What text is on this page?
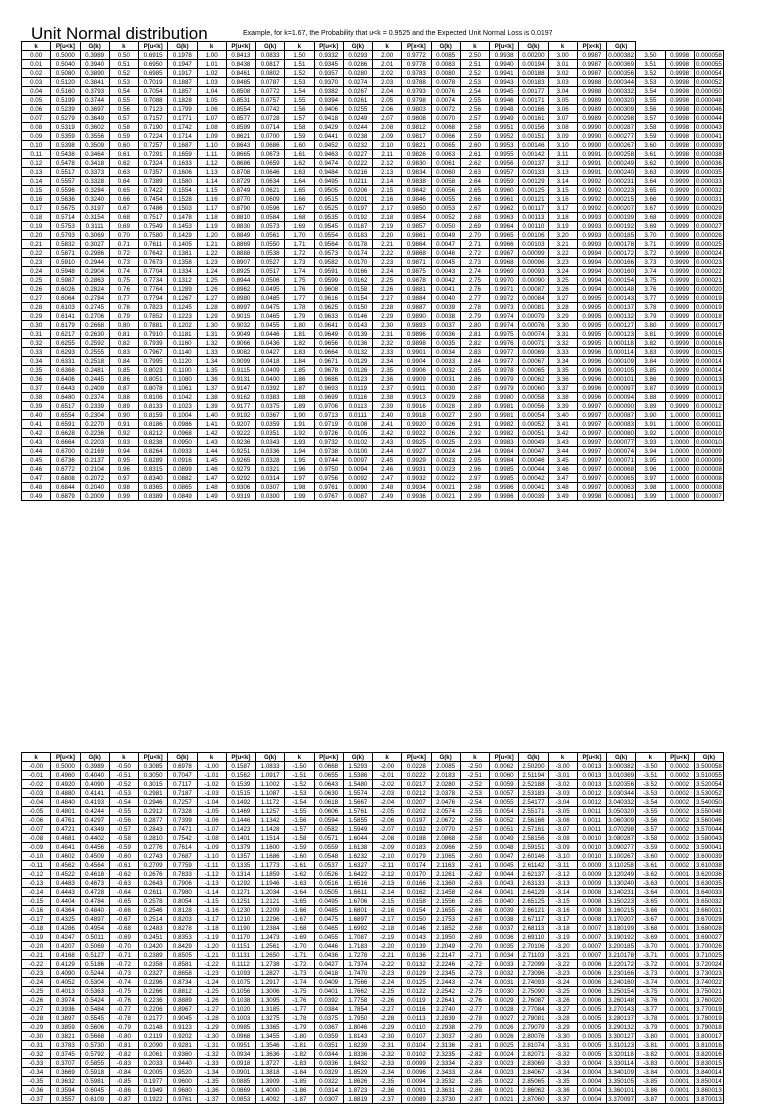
Unit Normal distribution	Example, for k=1.67, the Probability that u<k = 0.9525 and the Expected Unit Normal Loss is 0.0197
k	P[u<k]	G(k)	k	P[u<k]	G(k)	k	P[u<k]	G(k)	k	P[u<k]	G(k)	k	P[x<k]	G(k)	k	P[u<k]	G(k)	k	P[x<k]	G(k)			
0.00	0.5000	0.3989	0.50	0.6915	0.1978	1.00	0.8413	0.0833	1.50	0.9332	0.0293	2.00	0.9772	0.0085	2.50	0.9938	0.00200	3.00	0.9987	0.000382	3.50	0.9998	0.000058
0.01	0.5040	0.3940	0.51	0.6950	0.1947	1.01	0.8438	0.0817	1.51	0.9345	0.0286	2.01	0.9778	0.0083	2.51	0.9940	0.00194	3.01	0.9987	0.000369	3.51	0.9998	0.000055
0.02	0.5080	0.3890	0.52	0.6985	0.1917	1.02	0.8461	0.0802	1.52	0.9357	0.0280	2.02	0.9783	0.0080	2.52	0.9941	0.00188	3.02	0.9987	0.000356	3.52	0.9998	0.000054
0.03	0.5120	0.3841	0.53	0.7019	0.1887	1.03	0.8485	0.0787	1.53	0.9370	0.0274	2.03	0.9788	0.0078	2.53	0.9943	0.00183	3.03	0.9988	0.000344	3.53	0.9998	0.000052
0.04	0.5160	0.3793	0.54	0.7054	0.1857	1.04	0.8508	0.0772	1.54	0.9382	0.0267	2.04	0.9793	0.0076	2.54	0.9945	0.00177	3.04	0.9988	0.000332	3.54	0.9998	0.000050
0.05	0.5199	0.3744	0.55	0.7088	0.1828	1.05	0.8531	0.0757	1.55	0.9394	0.0261	2.05	0.9798	0.0074	2.55	0.9946	0.00171	3.05	0.9989	0.000320	3.55	0.9998	0.000048
0.06	0.5239	0.3697	0.56	0.7123	0.1799	1.06	0.8554	0.0742	1.56	0.9406	0.0255	2.06	0.9803	0.0072	2.56	0.9948	0.00166	3.06	0.9989	0.000309	3.56	0.9998	0.000046
0.07	0.5279	0.3649	0.57	0.7157	0.1771	1.07	0.8577	0.0728	1.57	0.9418	0.0249	2.07	0.9808	0.0070	2.57	0.9949	0.00161	3.07	0.9989	0.000298	3.57	0.9998	0.000044
0.08	0.5319	0.3602	0.58	0.7190	0.1742	1.08	0.8599	0.0714	1.58	0.9429	0.0244	2.08	0.9812	0.0068	2.58	0.9951	0.00156	3.08	0.9990	0.000287	3.58	0.9998	0.000043
0.09	0.5359	0.3556	0.59	0.7224	0.1714	1.09	0.8621	0.0700	1.59	0.9441	0.0238	2.09	0.9817	0.0066	2.59	0.9952	0.00151	3.09	0.9990	0.000277	3.59	0.9998	0.000041
0.10	0.5398	0.3509	0.60	0.7257	0.1687	1.10	0.8643	0.0686	1.60	0.9452	0.0232	2.10	0.9821	0.0065	2.60	0.9953	0.00146	3.10	0.9990	0.000267	3.60	0.9998	0.000039
0.11	0.5438	0.3464	0.61	0.7291	0.1659	1.11	0.8665	0.0673	1.61	0.9463	0.0227	2.11	0.9826	0.0063	2.61	0.9955	0.00142	3.11	0.9991	0.000258	3.61	0.9998	0.000038
0.12	0.5478	0.3418	0.62	0.7324	0.1633	1.12	0.8686	0.0659	1.62	0.9474	0.0222	2.12	0.9830	0.0061	2.62	0.9956	0.00137	3.12	0.9991	0.000249	3.62	0.9999	0.000036
0.13	0.5517	0.3373	0.63	0.7357	0.1606	1.13	0.8708	0.0646	1.63	0.9484	0.0216	2.13	0.9834	0.0060	2.63	0.9957	0.00133	3.13	0.9991	0.000240	3.63	0.9999	0.000035
0.14	0.5557	0.3328	0.64	0.7389	0.1580	1.14	0.8729	0.0634	1.64	0.9495	0.0211	2.14	0.9838	0.0058	2.64	0.9959	0.00129	3.14	0.9992	0.000231	3.64	0.9999	0.000033
0.15	0.5596	0.3284	0.65	0.7422	0.1554	1.15	0.8749	0.0621	1.65	0.9505	0.0206	2.15	0.9842	0.0056	2.65	0.9960	0.00125	3.15	0.9992	0.000223	3.65	0.9999	0.000032
0.16	0.5636	0.3240	0.66	0.7454	0.1528	1.16	0.8770	0.0609	1.66	0.9515	0.0201	2.16	0.9846	0.0055	2.66	0.9961	0.00121	3.16	0.9992	0.000215	3.66	0.9999	0.000031
0.17	0.5675	0.3197	0.67	0.7486	0.1503	1.17	0.8790	0.0596	1.67	0.9525	0.0197	2.17	0.9850	0.0053	2.67	0.9962	0.00117	3.17	0.9992	0.000207	3.67	0.9999	0.000029
0.18	0.5714	0.3154	0.68	0.7517	0.1478	1.18	0.8810	0.0584	1.68	0.9535	0.0192	2.18	0.9854	0.0052	2.68	0.9963	0.00113	3.18	0.9993	0.000199	3.68	0.9999	0.000028
0.19	0.5753	0.3111	0.69	0.7549	0.1453	1.19	0.8830	0.0573	1.69	0.9545	0.0187	2.19	0.9857	0.0050	2.69	0.9964	0.00110	3.19	0.9993	0.000192	3.69	0.9999	0.000027
0.20	0.5793	0.3069	0.70	0.7580	0.1429	1.20	0.8849	0.0561	1.70	0.9554	0.0183	2.20	0.9861	0.0049	2.70	0.9965	0.00106	3.20	0.9993	0.000185	3.70	0.9999	0.000026
0.21	0.5832	0.3027	0.71	0.7611	0.1405	1.21	0.8869	0.0550	1.71	0.9564	0.0178	2.21	0.9864	0.0047	2.71	0.9966	0.00103	3.21	0.9993	0.000178	3.71	0.9999	0.000025
0.22	0.5871	0.2986	0.72	0.7642	0.1381	1.22	0.8888	0.0538	1.72	0.9573	0.0174	2.22	0.9868	0.0046	2.72	0.9967	0.00099	3.22	0.9994	0.000172	3.72	0.9999	0.000024
0.23	0.5910	0.2944	0.73	0.7673	0.1358	1.23	0.8907	0.0527	1.73	0.9582	0.0170	2.23	0.9871	0.0045	2.73	0.9968	0.00096	3.23	0.9994	0.000166	3.73	0.9999	0.000023
0.24	0.5948	0.2904	0.74	0.7704	0.1334	1.24	0.8925	0.0517	1.74	0.9591	0.0166	2.24	0.9875	0.0043	2.74	0.9969	0.00093	3.24	0.9994	0.000160	3.74	0.9999	0.000022
0.25	0.5987	0.2863	0.75	0.7734	0.1312	1.25	0.8944	0.0506	1.75	0.9599	0.0162	2.25	0.9878	0.0042	2.75	0.9970	0.00090	3.25	0.9994	0.000154	3.75	0.9999	0.000021
0.26	0.6026	0.2824	0.76	0.7764	0.1289	1.26	0.8962	0.0495	1.76	0.9608	0.0158	2.26	0.9881	0.0041	2.76	0.9971	0.00087	3.26	0.9994	0.000148	3.76	0.9999	0.000020
0.27	0.6064	0.2784	0.77	0.7794	0.1267	1.27	0.8980	0.0485	1.77	0.9616	0.0154	2.27	0.9884	0.0040	2.77	0.9972	0.00084	3.27	0.9995	0.000143	3.77	0.9999	0.000019
0.28	0.6103	0.2745	0.78	0.7823	0.1245	1.28	0.8997	0.0475	1.78	0.9625	0.0150	2.28	0.9887	0.0039	2.78	0.9973	0.00081	3.28	0.9995	0.000137	3.78	0.9999	0.000019
0.29	0.6141	0.2706	0.79	0.7852	0.1223	1.29	0.9015	0.0465	1.79	0.9633	0.0146	2.29	0.9890	0.0038	2.79	0.9974	0.00079	3.29	0.9995	0.000132	3.79	0.9999	0.000018
0.30	0.6179	0.2668	0.80	0.7881	0.1202	1.30	0.9032	0.0455	1.80	0.9641	0.0143	2.30	0.9893	0.0037	2.80	0.9974	0.00076	3.30	0.9995	0.000127	3.80	0.9999	0.000017
0.31	0.6217	0.2630	0.81	0.7910	0.1181	1.31	0.9049	0.0446	1.81	0.9649	0.0139	2.31	0.9896	0.0036	2.81	0.9975	0.00074	3.31	0.9995	0.000123	3.81	0.9999	0.000016
0.32	0.6255	0.2592	0.82	0.7939	0.1160	1.32	0.9066	0.0436	1.82	0.9656	0.0136	2.32	0.9898	0.0035	2.82	0.9976	0.00071	3.32	0.9995	0.000118	3.82	0.9999	0.000016
0.33	0.6293	0.2555	0.83	0.7967	0.1140	1.33	0.9082	0.0427	1.83	0.9664	0.0132	2.33	0.9901	0.0034	2.83	0.9977	0.00069	3.33	0.9996	0.000114	3.83	0.9999	0.000015
0.34	0.6331	0.2518	0.84	0.7995	0.1120	1.34	0.9099	0.0418	1.84	0.9671	0.0129	2.34	0.9904	0.0033	2.84	0.9977	0.00067	3.34	0.9996	0.000109	3.84	0.9999	0.000014
0.35	0.6368	0.2481	0.85	0.8023	0.1100	1.35	0.9115	0.0409	1.85	0.9678	0.0126	2.35	0.9906	0.0032	2.85	0.9978	0.00065	3.35	0.9996	0.000105	3.85	0.9999	0.000014
0.36	0.6406	0.2445	0.86	0.8051	0.1080	1.36	0.9131	0.0400	1.86	0.9686	0.0123	2.36	0.9909	0.0031	2.86	0.9979	0.00062	3.36	0.9996	0.000101	3.86	0.9999	0.000013
0.37	0.6443	0.2409	0.87	0.8078	0.1061	1.37	0.9147	0.0392	1.87	0.9693	0.0119	2.37	0.9911	0.0030	2.87	0.9979	0.00060	3.37	0.9996	0.000097	3.87	0.9999	0.000013
0.38	0.6480	0.2374	0.88	0.8106	0.1042	1.38	0.9162	0.0383	1.88	0.9699	0.0116	2.38	0.9913	0.0029	2.88	0.9980	0.00058	3.38	0.9996	0.000094	3.88	0.9999	0.000012
0.39	0.6517	0.2339	0.89	0.8133	0.1023	1.39	0.9177	0.0375	1.89	0.9706	0.0113	2.39	0.9916	0.0028	2.89	0.9981	0.00056	3.39	0.9997	0.000090	3.89	0.9999	0.000012
0.40	0.6554	0.2304	0.90	0.8159	0.1004	1.40	0.9192	0.0367	1.90	0.9713	0.0111	2.40	0.9918	0.0027	2.90	0.9981	0.00054	3.40	0.9997	0.000087	3.90	1.0000	0.000011
0.41	0.6591	0.2270	0.91	0.8186	0.0986	1.41	0.9207	0.0359	1.91	0.9719	0.0108	2.41	0.9920	0.0026	2.91	0.9982	0.00052	3.41	0.9997	0.000083	3.91	1.0000	0.000011
0.42	0.6628	0.2236	0.92	0.8212	0.0968	1.42	0.9222	0.0351	1.92	0.9726	0.0105	2.42	0.9922	0.0026	2.92	0.9982	0.00051	3.42	0.9997	0.000080	3.92	1.0000	0.000010
0.43	0.6664	0.2203	0.93	0.8238	0.0950	1.43	0.9236	0.0343	1.93	0.9732	0.0102	2.43	0.9925	0.0025	2.93	0.9983	0.00049	3.43	0.9997	0.000077	3.93	1.0000	0.000010
0.44	0.6700	0.2169	0.94	0.8264	0.0933	1.44	0.9251	0.0336	1.94	0.9738	0.0100	2.44	0.9927	0.0024	2.94	0.9984	0.00047	3.44	0.9997	0.000074	3.94	1.0000	0.000009
0.45	0.6736	0.2137	0.95	0.8289	0.0916	1.45	0.9265	0.0328	1.95	0.9744	0.0097	2.45	0.9929	0.0023	2.95	0.9984	0.00046	3.45	0.9997	0.000071	3.95	1.0000	0.000009
0.46	0.6772	0.2104	0.96	0.8315	0.0899	1.46	0.9279	0.0321	1.96	0.9750	0.0094	2.46	0.9931	0.0023	2.96	0.9985	0.00044	3.46	0.9997	0.000068	3.96	1.0000	0.000008
0.47	0.6808	0.2072	0.97	0.8340	0.0882	1.47	0.9292	0.0314	1.97	0.9756	0.0092	2.47	0.9932	0.0022	2.97	0.9985	0.00042	3.47	0.9997	0.000065	3.97	1.0000	0.000008
0.48	0.6844	0.2040	0.98	0.8365	0.0865	1.48	0.9306	0.0307	1.98	0.9761	0.0090	2.48	0.9934	0.0021	2.98	0.9986	0.00041	3.48	0.9997	0.000063	3.98	1.0000	0.000008
0.49	0.6879	0.2009	0.99	0.8389	0.0849	1.49	0.9319	0.0300	1.99	0.9767	0.0087	2.49	0.9936	0.0021	2.99	0.9986	0.00039	3.49	0.9998	0.000061	3.99	1.0000	0.000007
k	P[u<k]	G(k)	k	P[u<k]	G(k)	k	P[u<k]	G(k)	k	P[u<k]	G(k)	k	P[u<k]	G(k)	k	P[u<k]	G(k)	k	P[u<k]	G(k)	k	P[u<k]	G(k)
-0.00	0.5000	0.3989	-0.50	0.3085	0.6978	-1.00	0.1587	1.0833	-1.50	0.0668	1.5293	-2.00	0.0228	2.0085	-2.50	0.0062	2.50200	-3.00	0.0013	3.000382	-3.50	0.0002	3.500058
-0.01	0.4960	0.4040	-0.51	0.3050	0.7047	-1.01	0.1562	1.0917	-1.51	0.0655	1.5386	-2.01	0.0222	2.0183	-2.51	0.0060	2.51194	-3.01	0.0013	3.010369	-3.51	0.0002	3.510055
-0.02	0.4920	0.4090	-0.52	0.3015	0.7117	-1.02	0.1539	1.1002	-1.52	0.0643	1.5480	-2.02	0.0217	2.0280	-2.52	0.0059	2.52188	-3.02	0.0013	3.020356	-3.52	0.0002	3.520054
-0.03	0.4880	0.4141	-0.53	0.2981	0.7187	-1.03	0.1515	1.1087	-1.53	0.0630	1.5574	-2.03	0.0212	2.0378	-2.53	0.0057	2.53183	-3.03	0.0012	3.030344	-3.53	0.0002	3.530052
-0.04	0.4840	0.4193	-0.54	0.2946	0.7257	-1.04	0.1492	1.1172	-1.54	0.0618	1.5667	-2.04	0.0207	2.0476	-2.54	0.0055	2.54177	-3.04	0.0012	3.040332	-3.54	0.0002	3.540050
-0.05	0.4801	0.4244	-0.55	0.2912	0.7328	-1.05	0.1469	1.1257	-1.55	0.0606	1.5761	-2.05	0.0202	2.0574	-2.55	0.0054	2.55171	-3.05	0.0011	3.050320	-3.55	0.0002	3.550048
-0.06	0.4761	0.4297	-0.56	0.2877	0.7399	-1.06	0.1446	1.1342	-1.56	0.0594	1.5855	-2.06	0.0197	2.0672	-2.56	0.0052	2.56166	-3.06	0.0011	3.060309	-3.56	0.0002	3.560046
-0.07	0.4721	0.4349	-0.57	0.2843	0.7471	-1.07	0.1423	1.1428	-1.57	0.0582	1.5949	-2.07	0.0192	2.0770	-2.57	0.0051	2.57161	-3.07	0.0011	3.070298	-3.57	0.0002	3.570044
-0.08	0.4681	0.4402	-0.58	0.2810	0.7542	-1.08	0.1401	1.1514	-1.58	0.0571	1.6044	-2.08	0.0188	2.0868	-2.58	0.0049	2.58156	-3.08	0.0010	3.080287	-3.58	0.0002	3.580043
-0.09	0.4641	0.4456	-0.59	0.2776	0.7614	-1.09	0.1379	1.1600	-1.59	0.0559	1.6138	-2.09	0.0183	2.0966	-2.59	0.0048	2.59151	-3.09	0.0010	3.090277	-3.59	0.0002	3.590041
-0.10	0.4602	0.4509	-0.60	0.2743	0.7687	-1.10	0.1357	1.1686	-1.60	0.0548	1.6232	-2.10	0.0179	2.1065	-2.60	0.0047	2.60146	-3.10	0.0010	3.100267	-3.60	0.0002	3.600039
-0.11	0.4562	0.4564	-0.61	0.2709	0.7759	-1.11	0.1335	1.1773	-1.61	0.0537	1.6327	-2.11	0.0174	2.1163	-2.61	0.0045	2.61142	-3.11	0.0009	3.110258	-3.61	0.0002	3.610038
-0.12	0.4522	0.4618	-0.62	0.2676	0.7833	-1.12	0.1314	1.1859	-1.62	0.0526	1.6422	-2.12	0.0170	2.1261	-2.62	0.0044	2.62137	-3.12	0.0009	3.120249	-3.62	0.0001	3.620036
-0.13	0.4483	0.4673	-0.63	0.2643	0.7906	-1.13	0.1292	1.1946	-1.63	0.0516	1.6516	-2.13	0.0166	2.1360	-2.63	0.0043	2.63133	-3.13	0.0009	3.130240	-3.63	0.0001	3.630035
-0.14	0.4443	0.4728	-0.64	0.2611	0.7980	-1.14	0.1271	1.2034	-1.64	0.0505	1.6611	-2.14	0.0162	2.1458	-2.64	0.0041	2.64129	-3.14	0.0008	3.140231	-3.64	0.0001	3.640033
-0.15	0.4404	0.4784	-0.65	0.2578	0.8054	-1.15	0.1251	1.2121	-1.65	0.0495	1.6706	-2.15	0.0158	2.1556	-2.65	0.0040	2.65125	-3.15	0.0008	3.150223	-3.65	0.0001	3.650032
-0.16	0.4364	0.4840	-0.66	0.2546	0.8128	-1.16	0.1230	1.2209	-1.66	0.0485	1.6801	-2.16	0.0154	2.1655	-2.66	0.0039	2.66121	-3.16	0.0008	3.160215	-3.66	0.0001	3.660031
-0.17	0.4325	0.4897	-0.67	0.2514	0.8203	-1.17	0.1210	1.2296	-1.67	0.0475	1.6897	-2.17	0.0150	2.1753	-2.67	0.0038	2.67117	-3.17	0.0008	3.170207	-3.67	0.0001	3.670029
-0.18	0.4286	0.4954	-0.68	0.2483	0.8278	-1.18	0.1190	1.2384	-1.68	0.0465	1.6992	-2.18	0.0146	2.1852	-2.68	0.0037	2.68113	-3.18	0.0007	3.180199	-3.68	0.0001	3.680028
-0.19	0.4247	0.5011	-0.69	0.2451	0.8353	-1.19	0.1170	1.2473	-1.69	0.0455	1.7087	-2.19	0.0143	2.1950	-2.69	0.0036	2.69110	-3.19	0.0007	3.190192	-3.69	0.0001	3.690027
-0.20	0.4207	0.5069	-0.70	0.2420	0.8429	-1.20	0.1151	1.2561	-1.70	0.0446	1.7183	-2.20	0.0139	2.2049	-2.70	0.0035	2.70106	-3.20	0.0007	3.200185	-3.70	0.0001	3.700026
-0.21	0.4168	0.5127	-0.71	0.2389	0.8505	-1.21	0.1131	1.2650	-1.71	0.0436	1.7278	-2.21	0.0136	2.2147	-2.71	0.0034	2.71103	-3.21	0.0007	3.210178	-3.71	0.0001	3.710025
-0.22	0.4129	0.5186	-0.72	0.2358	0.8581	-1.22	0.1112	1.2738	-1.72	0.0427	1.7374	-2.22	0.0132	2.2246	-2.72	0.0033	2.72099	-3.22	0.0006	3.220172	-3.72	0.0001	3.720024
-0.23	0.4090	0.5244	-0.73	0.2327	0.8658	-1.23	0.1093	1.2827	-1.73	0.0418	1.7470	-2.23	0.0129	2.2345	-2.73	0.0032	2.73096	-3.23	0.0006	3.230166	-3.73	0.0001	3.730023
-0.24	0.4052	0.5304	-0.74	0.2296	0.8734	-1.24	0.1075	1.2917	-1.74	0.0409	1.7566	-2.24	0.0125	2.2443	-2.74	0.0031	2.74093	-3.24	0.0006	3.240160	-3.74	0.0001	3.740022
-0.25	0.4013	0.5363	-0.75	0.2266	0.8812	-1.25	0.1056	1.3006	-1.75	0.0401	1.7662	-2.25	0.0122	2.2542	-2.75	0.0030	2.75090	-3.25	0.0006	3.250154	-3.75	0.0001	3.750021
-0.26	0.3974	0.5424	-0.76	0.2236	0.8889	-1.26	0.1038	1.3095	-1.76	0.0392	1.7758	-2.26	0.0119	2.2641	-2.76	0.0029	2.76087	-3.26	0.0006	3.260148	-3.76	0.0001	3.760020
-0.27	0.3936	0.5484	-0.77	0.2206	0.8967	-1.27	0.1020	1.3185	-1.77	0.0384	1.7854	-2.27	0.0116	2.2740	-2.77	0.0028	2.77084	-3.27	0.0005	3.270143	-3.77	0.0001	3.770019
-0.28	0.3897	0.5545	-0.78	0.2177	0.9045	-1.28	0.1003	1.3275	-1.78	0.0375	1.7950	-2.28	0.0113	2.2839	-2.78	0.0027	2.78081	-3.28	0.0005	3.280137	-3.78	0.0001	3.780019
-0.29	0.3859	0.5606	-0.79	0.2148	0.9123	-1.29	0.0985	1.3365	-1.79	0.0367	1.8046	-2.29	0.0110	2.2938	-2.79	0.0026	2.79079	-3.29	0.0005	3.290132	-3.79	0.0001	3.790018
-0.30	0.3821	0.5668	-0.80	0.2119	0.9202	-1.30	0.0968	1.3455	-1.80	0.0359	1.8143	-2.30	0.0107	2.3037	-2.80	0.0026	2.80076	-3.30	0.0005	3.300127	-3.80	0.0001	3.800017
-0.31	0.3783	0.5730	-0.81	0.2090	0.9281	-1.31	0.0951	1.3546	-1.81	0.0351	1.8239	-2.31	0.0104	2.3136	-2.81	0.0025	2.81074	-3.31	0.0005	3.310123	-3.81	0.0001	3.810016
-0.32	0.3745	0.5792	-0.82	0.2061	0.9360	-1.32	0.0934	1.3636	-1.82	0.0344	1.8336	-2.32	0.0102	2.3235	-2.82	0.0024	2.82071	-3.32	0.0005	3.320118	-3.82	0.0001	3.820016
-0.33	0.3707	0.5855	-0.83	0.2033	0.9440	-1.33	0.0918	1.3727	-1.83	0.0336	1.8432	-2.33	0.0099	2.3334	-2.83	0.0023	2.83069	-3.33	0.0004	3.330114	-3.83	0.0001	3.830015
-0.34	0.3669	0.5918	-0.84	0.2005	0.9520	-1.34	0.0901	1.3818	-1.84	0.0329	1.8529	-2.34	0.0096	2.3433	-2.84	0.0023	2.84067	-3.34	0.0004	3.340109	-3.84	0.0001	3.840014
-0.35	0.3632	0.5981	-0.85	0.1977	0.9600	-1.35	0.0885	1.3909	-1.85	0.0322	1.8626	-2.35	0.0094	2.3532	-2.85	0.0022	2.85065	-3.35	0.0004	3.350105	-3.85	0.0001	3.850014
-0.36	0.3594	0.6045	-0.86	0.1949	0.9680	-1.36	0.0869	1.4000	-1.86	0.0314	1.8723	-2.36	0.0091	2.3631	-2.86	0.0021	2.86062	-3.36	0.0004	3.360101	-3.86	0.0001	3.860013
-0.37	0.3557	0.6109	-0.87	0.1922	0.9761	-1.37	0.0853	1.4092	-1.87	0.0307	1.8819	-2.37	0.0089	2.3730	-2.87	0.0021	2.87060	-3.37	0.0004	3.370097	-3.87	0.0001	3.870013
